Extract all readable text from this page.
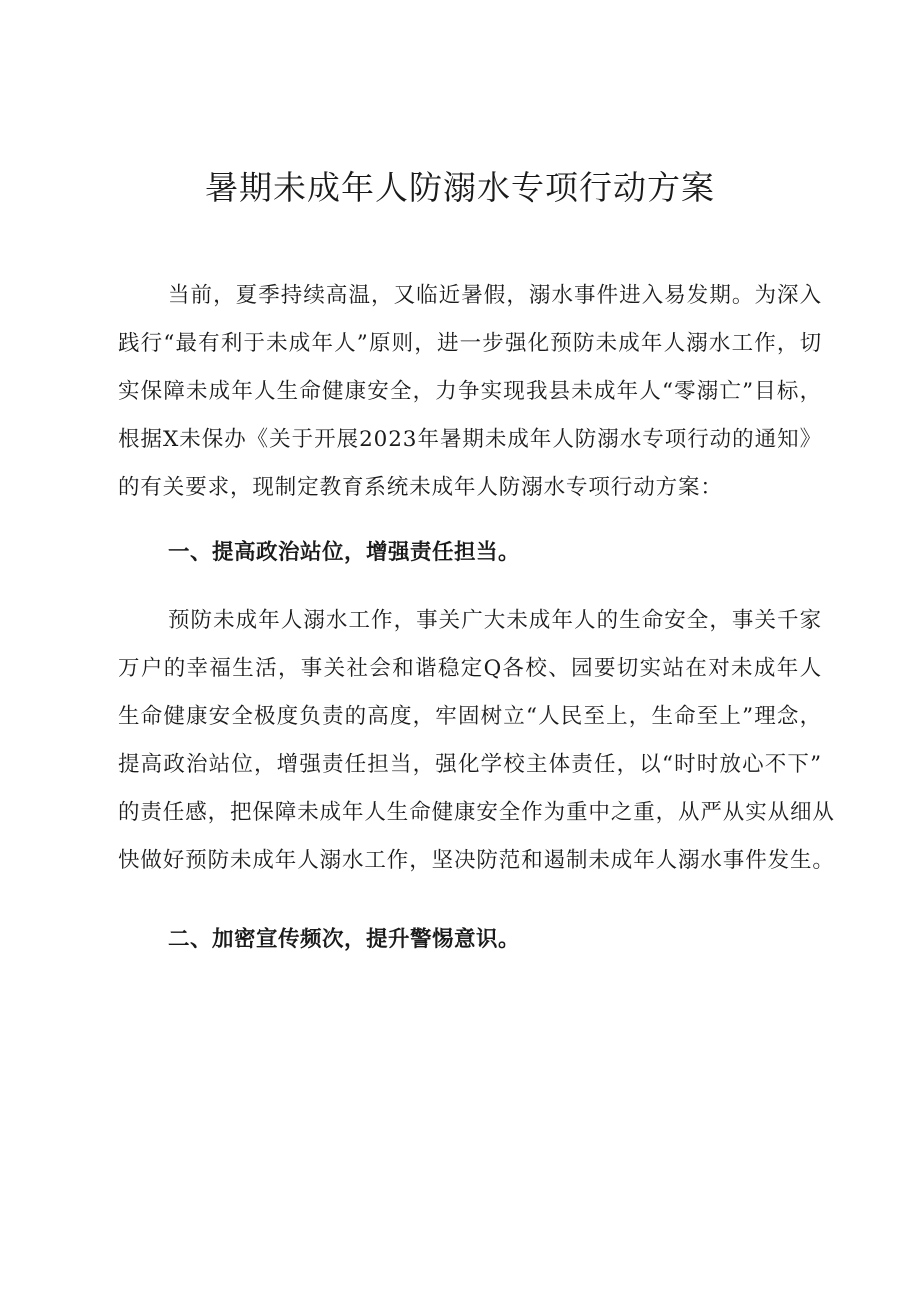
暑期未成年人防溺水专项行动方案
当前，夏季持续高温，又临近暑假，溺水事件进入易发期。为深入
践行“最有利于未成年人”原则，进一步强化预防未成年人溺水工作，切
实保障未成年人生命健康安全，力争实现我县未成年人“零溺亡”目标，
根据X未保办《关于开展2023年暑期未成年人防溺水专项行动的通知》
的有关要求，现制定教育系统未成年人防溺水专项行动方案：
一、提高政治站位，增强责任担当。
预防未成年人溺水工作，事关广大未成年人的生命安全，事关千家
万户的幸福生活，事关社会和谐稳定Q各校、园要切实站在对未成年人
生命健康安全极度负责的高度，牢固树立“人民至上，生命至上”理念，
提高政治站位，增强责任担当，强化学校主体责任，以“时时放心不下”
的责任感，把保障未成年人生命健康安全作为重中之重，从严从实从细从
快做好预防未成年人溺水工作，坚决防范和遏制未成年人溺水事件发生。
二、加密宣传频次，提升警惕意识。
